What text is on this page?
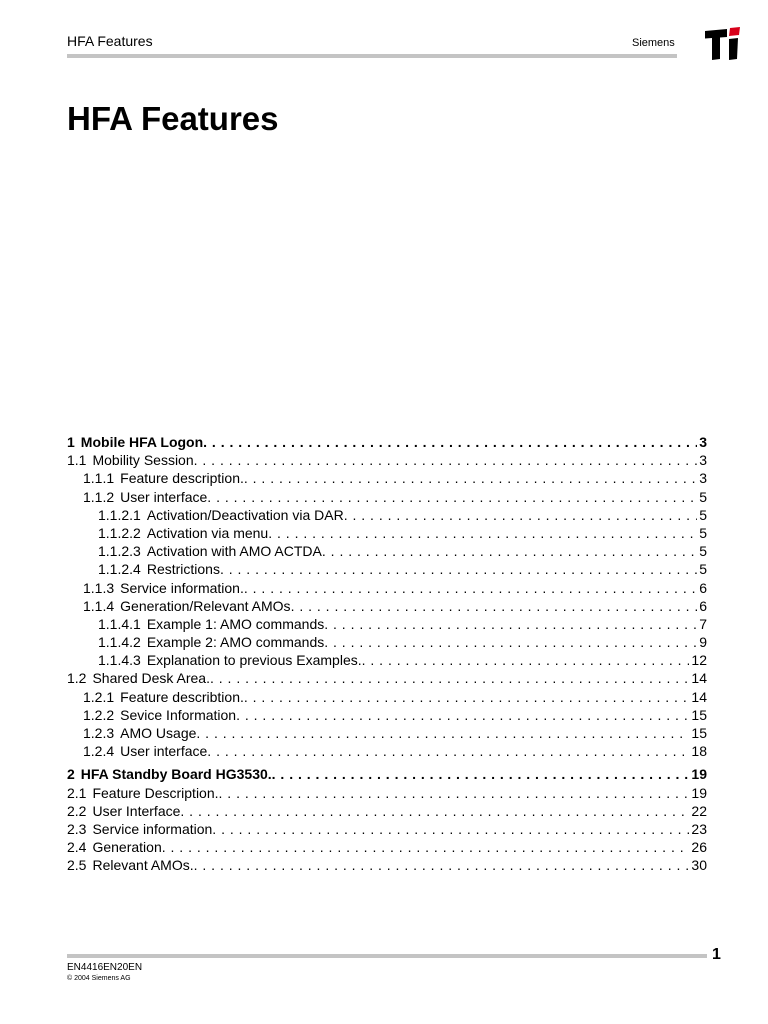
HFA Features	Siemens
HFA Features
1 Mobile HFA Logon . . .	3
1.1 Mobility Session . . .	3
1.1.1 Feature description. . . .	3
1.1.2 User interface . . .	5
1.1.2.1 Activation/Deactivation via DAR . . .	5
1.1.2.2 Activation via menu . . .	5
1.1.2.3 Activation with AMO ACTDA . . .	5
1.1.2.4 Restrictions . . .	5
1.1.3 Service information. . . .	6
1.1.4 Generation/Relevant AMOs . . .	6
1.1.4.1 Example 1: AMO commands . . .	7
1.1.4.2 Example 2: AMO commands . . .	9
1.1.4.3 Explanation to previous Examples. . . .	12
1.2 Shared Desk Area. . . .	14
1.2.1 Feature describtion. . . .	14
1.2.2 Sevice Information . . .	15
1.2.3 AMO Usage . . .	15
1.2.4 User interface . . .	18
2 HFA Standby Board HG3530. . . .	19
2.1 Feature Description. . . .	19
2.2 User Interface . . .	22
2.3 Service information . . .	23
2.4 Generation . . .	26
2.5 Relevant AMOs. . . .	30
1
EN4416EN20EN
© 2004 Siemens AG
